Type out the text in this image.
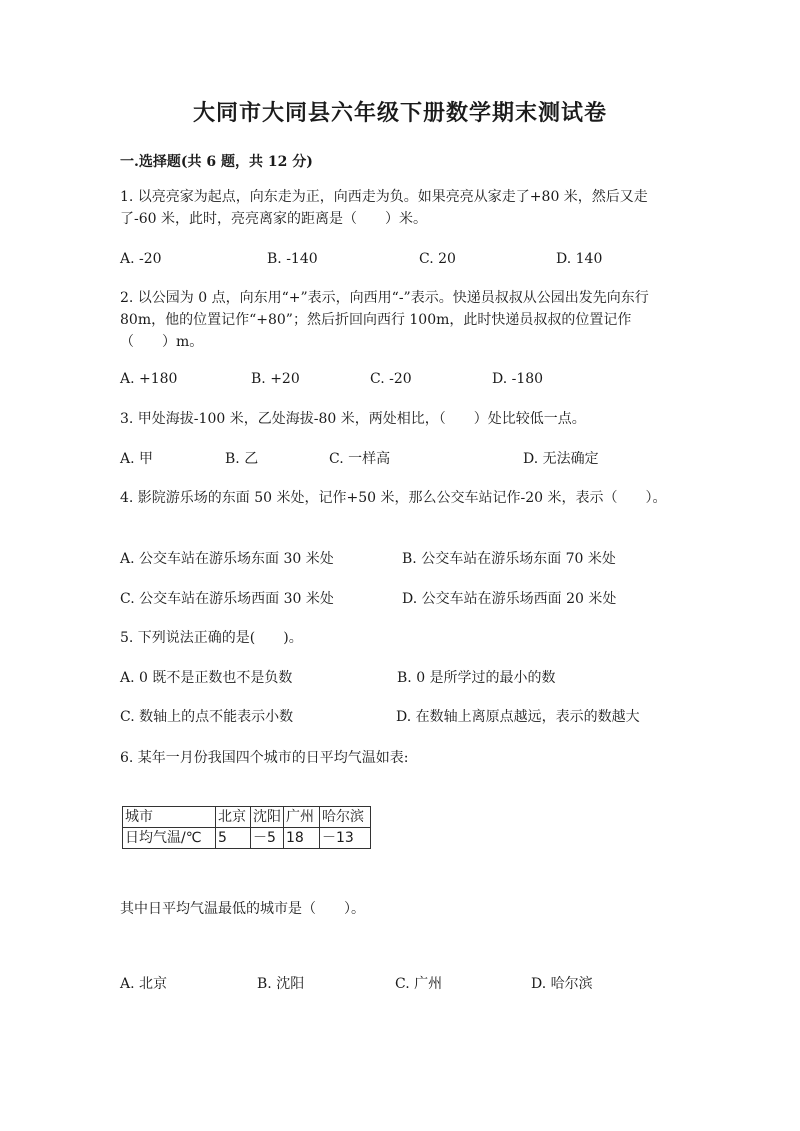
大同市大同县六年级下册数学期末测试卷
一.选择题(共 6 题，共 12 分)
1. 以亮亮家为起点，向东走为正，向西走为负。如果亮亮从家走了+80 米，然后又走了-60 米，此时，亮亮离家的距离是（　　）米。
A. -20	B. -140	C. 20	D. 140
2. 以公园为 0 点，向东用“+”表示，向西用“-”表示。快递员叔叔从公园出发先向东行 80m，他的位置记作“+80”；然后折回向西行 100m，此时快递员叔叔的位置记作（　　）m。
A. +180	B. +20	C. -20	D. -180
3. 甲处海拔-100 米，乙处海拔-80 米，两处相比，（　　）处比较低一点。
A. 甲	B. 乙	C. 一样高	D. 无法确定
4. 影院游乐场的东面 50 米处，记作+50 米，那么公交车站记作-20 米，表示（　　）。
A. 公交车站在游乐场东面 30 米处	B. 公交车站在游乐场东面 70 米处
C. 公交车站在游乐场西面 30 米处	D. 公交车站在游乐场西面 20 米处
5. 下列说法正确的是(　　)。
A. 0 既不是正数也不是负数	B. 0 是所学过的最小的数
C. 数轴上的点不能表示小数	D. 在数轴上离原点越远，表示的数越大
6. 某年一月份我国四个城市的日平均气温如表:
城市	北京	沈阳	广州	哈尔滨
日均气温/℃	5	－5	18	－13
其中日平均气温最低的城市是（　　）。
A. 北京	B. 沈阳	C. 广州	D. 哈尔滨
